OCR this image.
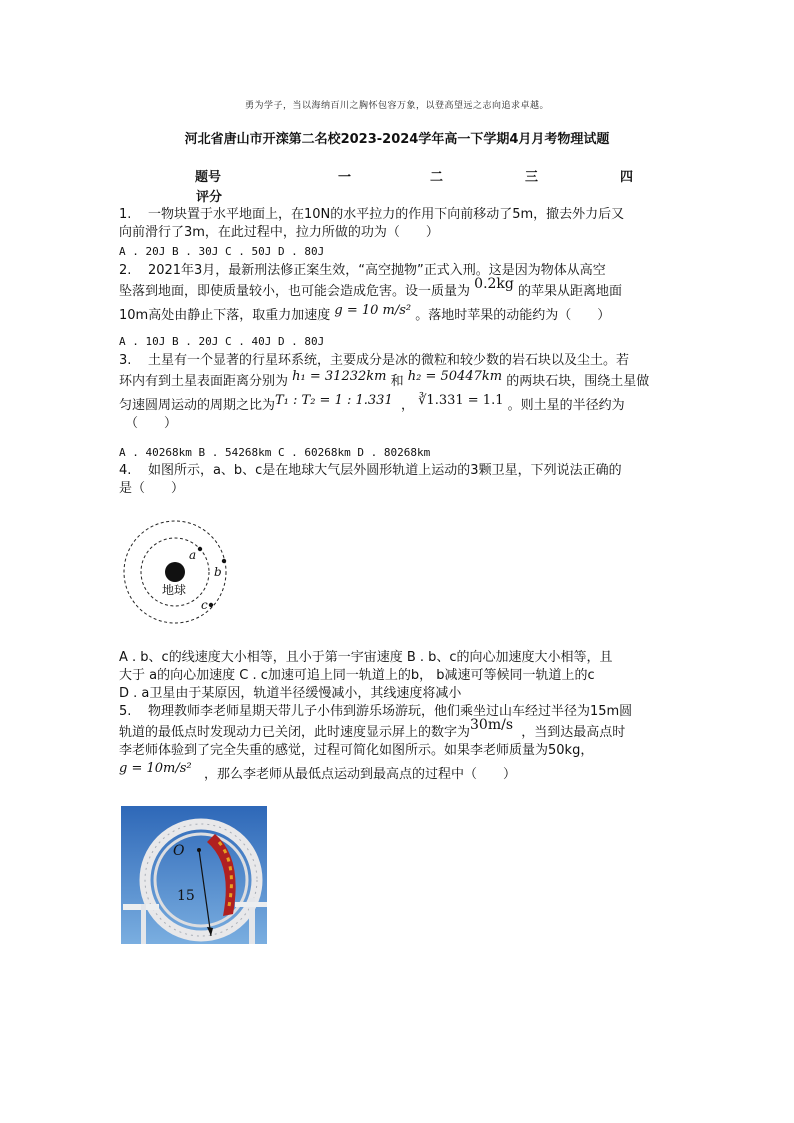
勇为学子，当以海纳百川之胸怀包容万象，以登高望远之志向追求卓越。
河北省唐山市开滦第二名校2023-2024学年高一下学期4月月考物理试题
题号	一	二	三	四
评分
1. 一物块置于水平地面上，在10N的水平拉力的作用下向前移动了5m，撤去外力后又
向前滑行了3m，在此过程中，拉力所做的功为（　　）
A . 20J B . 30J C . 50J D . 80J
2. 2021年3月，最新刑法修正案生效，“高空抛物”正式入刑。这是因为物体从高空
坠落到地面，即使质量较小，也可能会造成危害。设一质量为 0.2kg 的苹果从距离地面
10m高处由静止下落，取重力加速度 g = 10 m/s² 。落地时苹果的动能约为（　　）
A . 10J B . 20J C . 40J D . 80J
3. 土星有一个显著的行星环系统，主要成分是冰的微粒和较少数的岩石块以及尘土。若
环内有到土星表面距离分别为 h₁ = 31232km 和 h₂ = 50447km 的两块石块，围绕土星做
匀速圆周运动的周期之比为T₁ : T₂ = 1 : 1.331 ， ∛1.331 = 1.1 。则土星的半径约为
（　　）
A . 40268km B . 54268km C . 60268km D . 80268km
4. 如图所示，a、b、c是在地球大气层外圆形轨道上运动的3颗卫星，下列说法正确的
是（　　）
地球
a
b
c
A . b、c的线速度大小相等，且小于第一宇宙速度 B . b、c的向心加速度大小相等，且
大于 a的向心加速度 C . c加速可追上同一轨道上的b， b减速可等候同一轨道上的c
D . a卫星由于某原因，轨道半径缓慢减小，其线速度将减小
5. 物理教师李老师星期天带儿子小伟到游乐场游玩，他们乘坐过山车经过半径为15m圆
轨道的最低点时发现动力已关闭，此时速度显示屏上的数字为30m/s ，当到达最高点时
李老师体验到了完全失重的感觉，过程可简化如图所示。如果李老师质量为50kg，
g = 10m/s² ，那么李老师从最低点运动到最高点的过程中（　　）
O
15
